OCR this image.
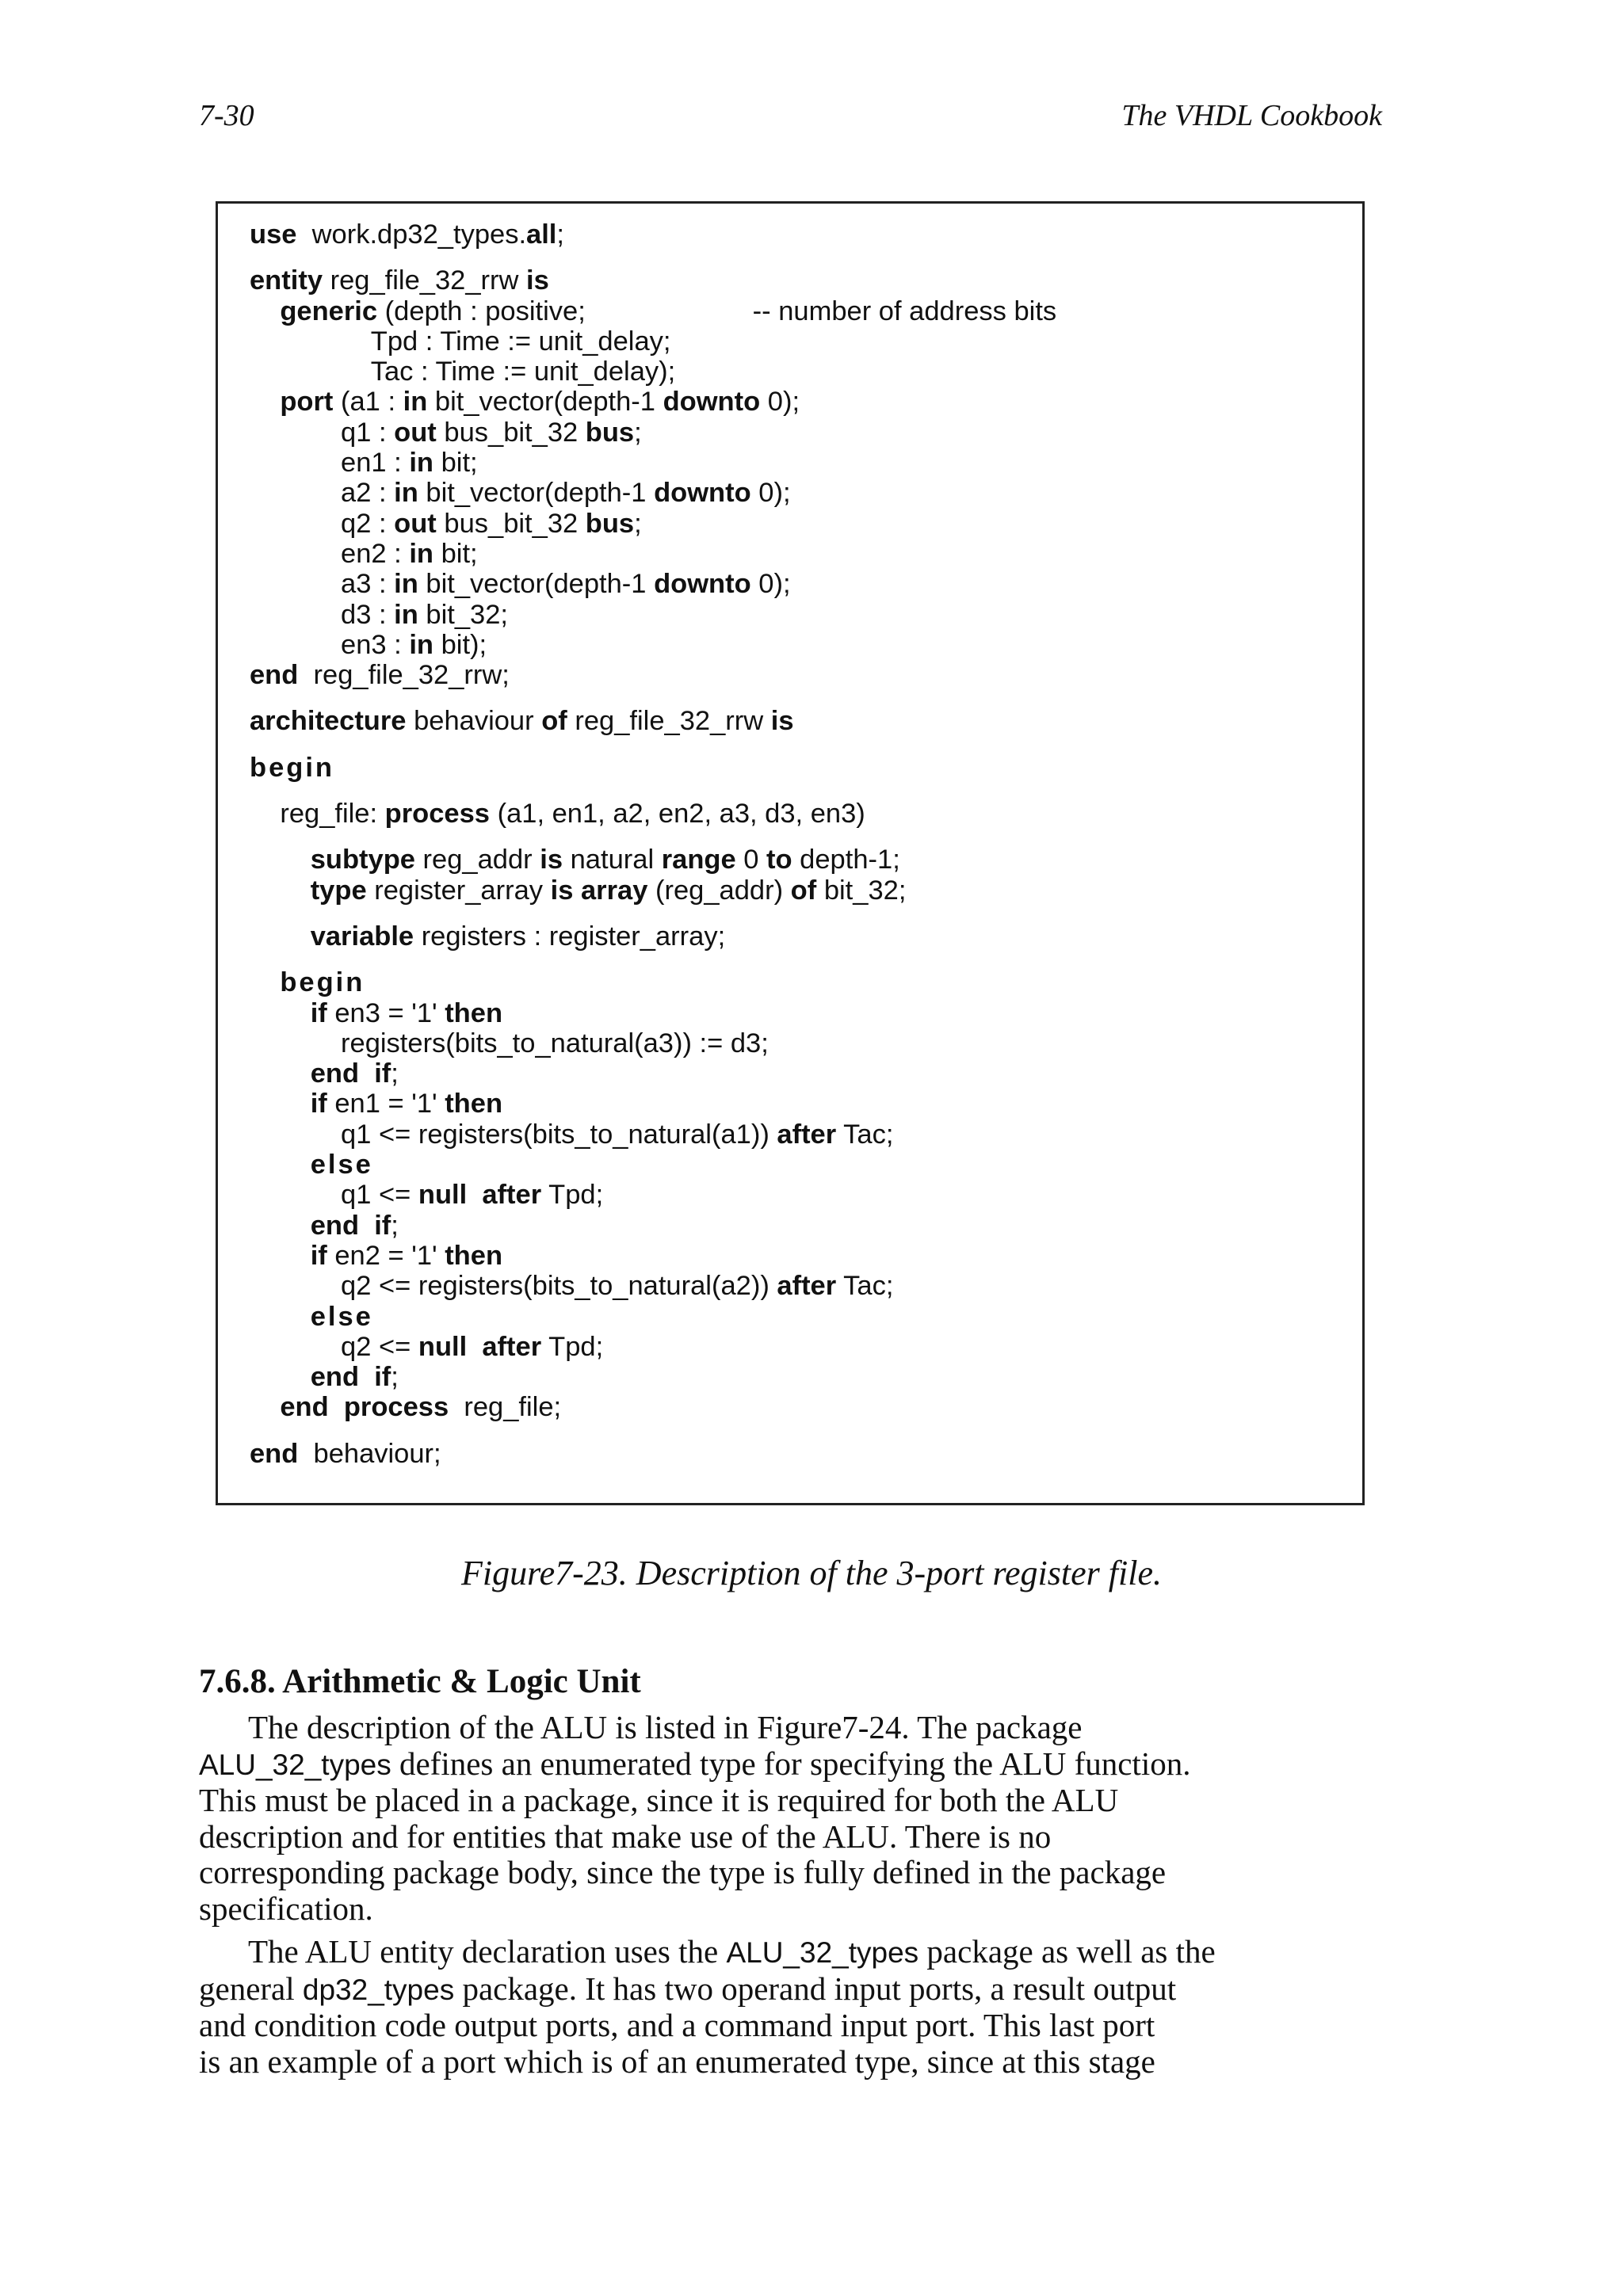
7-30	The VHDL Cookbook
use  work.dp32_types.all;
entity reg_file_32_rrw is
generic (depth : positive;                      -- number of address bits
Tpd : Time := unit_delay;
Tac : Time := unit_delay);
port (a1 : in bit_vector(depth-1 downto 0);
q1 : out bus_bit_32 bus;
en1 : in bit;
a2 : in bit_vector(depth-1 downto 0);
q2 : out bus_bit_32 bus;
en2 : in bit;
a3 : in bit_vector(depth-1 downto 0);
d3 : in bit_32;
en3 : in bit);
end  reg_file_32_rrw;
architecture behaviour of reg_file_32_rrw is
begin
reg_file: process (a1, en1, a2, en2, a3, d3, en3)
subtype reg_addr is natural range 0 to depth-1;
type register_array is array (reg_addr) of bit_32;
variable registers : register_array;
begin
if en3 = '1' then
registers(bits_to_natural(a3)) := d3;
end if;
if en1 = '1' then
q1 <= registers(bits_to_natural(a1)) after Tac;
else
q1 <= null after Tpd;
end if;
if en2 = '1' then
q2 <= registers(bits_to_natural(a2)) after Tac;
else
q2 <= null after Tpd;
end if;
end process  reg_file;
end  behaviour;
Figure7-23. Description of the 3-port register file.
7.6.8. Arithmetic & Logic Unit
The description of the ALU is listed in Figure7-24. The package
ALU_32_types defines an enumerated type for specifying the ALU function.
This must be placed in a package, since it is required for both the ALU
description and for entities that make use of the ALU. There is no
corresponding package body, since the type is fully defined in the package
specification.
The ALU entity declaration uses the ALU_32_types package as well as the
general dp32_types package. It has two operand input ports, a result output
and condition code output ports, and a command input port. This last port
is an example of a port which is of an enumerated type, since at this stage
